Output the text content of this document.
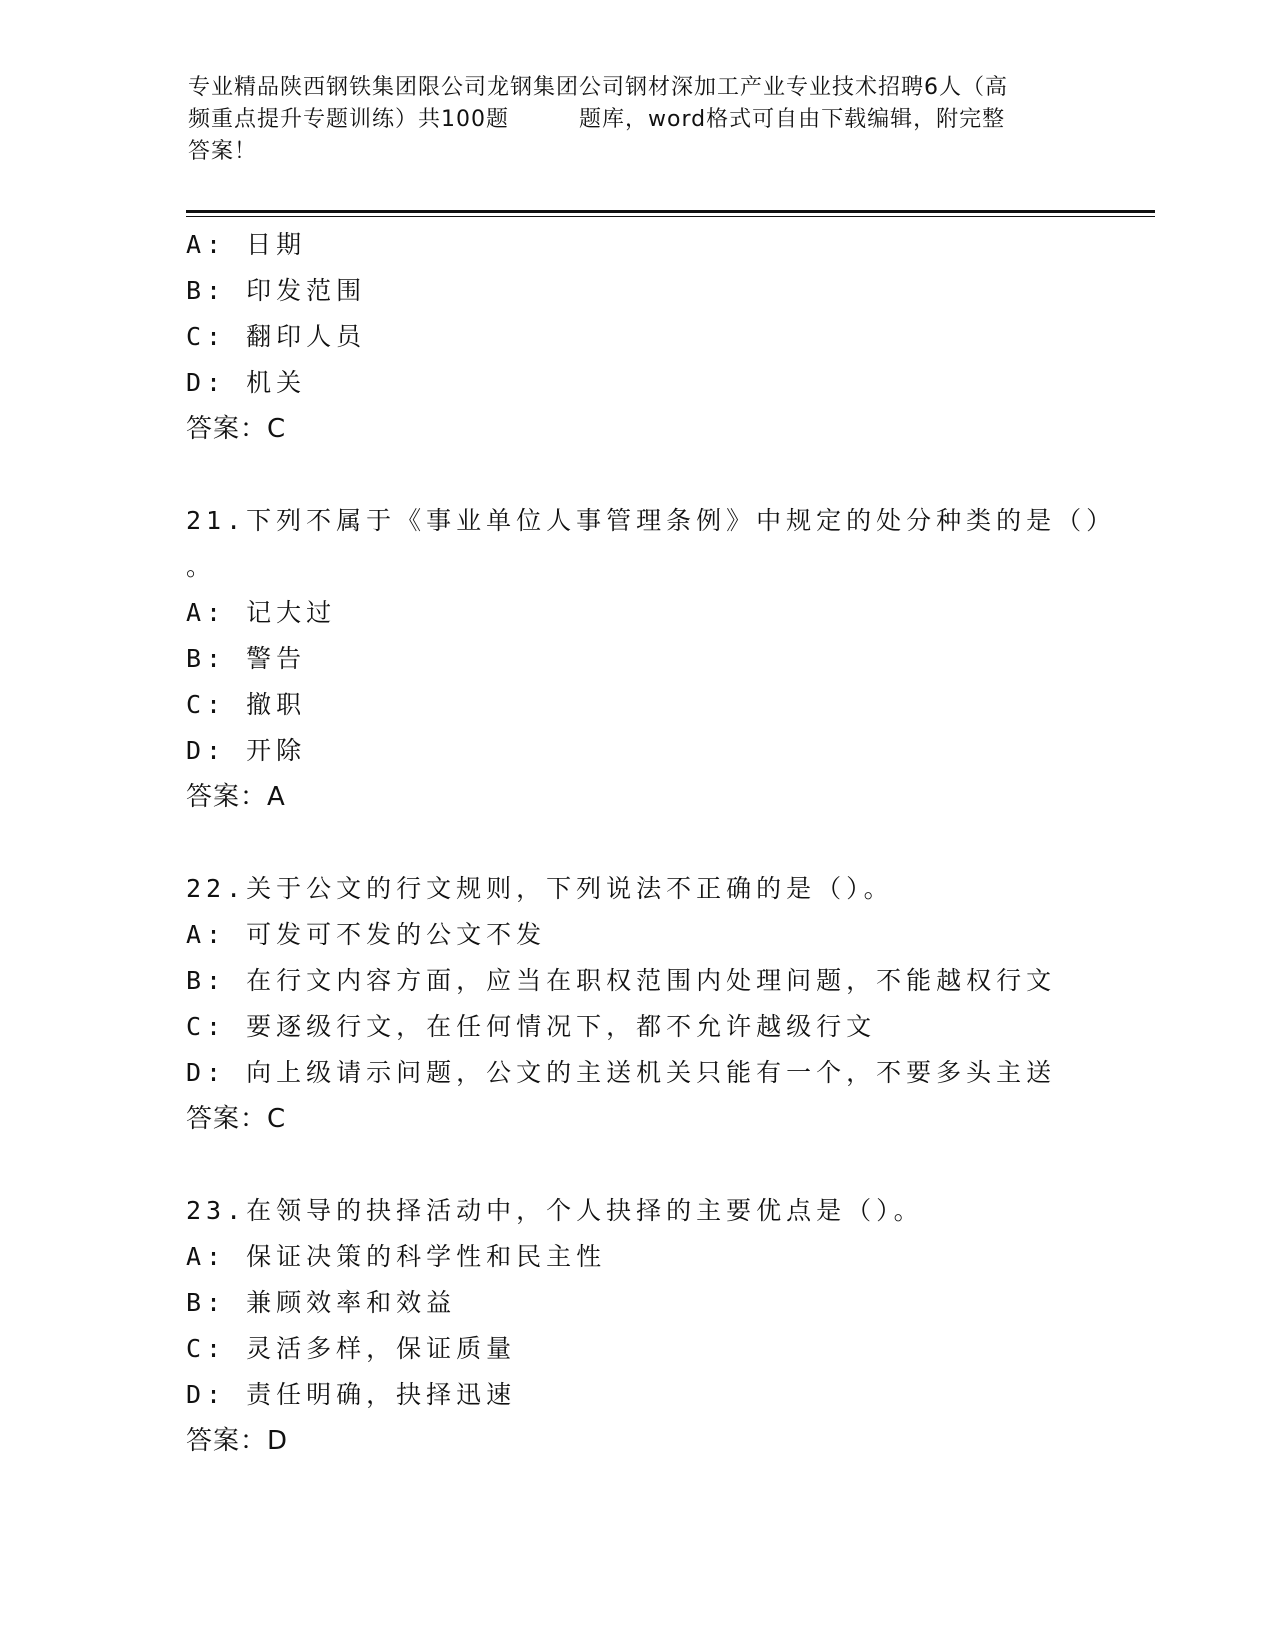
专业精品陕西钢铁集团限公司龙钢集团公司钢材深加工产业专业技术招聘6人（高
频重点提升专题训练）共100题	题库，word格式可自由下载编辑，附完整
答案！
A: 日期
B: 印发范围
C: 翻印人员
D: 机关
答案：C
21.下列不属于《事业单位人事管理条例》中规定的处分种类的是（）
。
A: 记大过
B: 警告
C: 撤职
D: 开除
答案：A
22.关于公文的行文规则，下列说法不正确的是（）。
A: 可发可不发的公文不发
B: 在行文内容方面，应当在职权范围内处理问题，不能越权行文
C: 要逐级行文，在任何情况下，都不允许越级行文
D: 向上级请示问题，公文的主送机关只能有一个，不要多头主送
答案：C
23.在领导的抉择活动中，个人抉择的主要优点是（）。
A: 保证决策的科学性和民主性
B: 兼顾效率和效益
C: 灵活多样，保证质量
D: 责任明确，抉择迅速
答案：D
